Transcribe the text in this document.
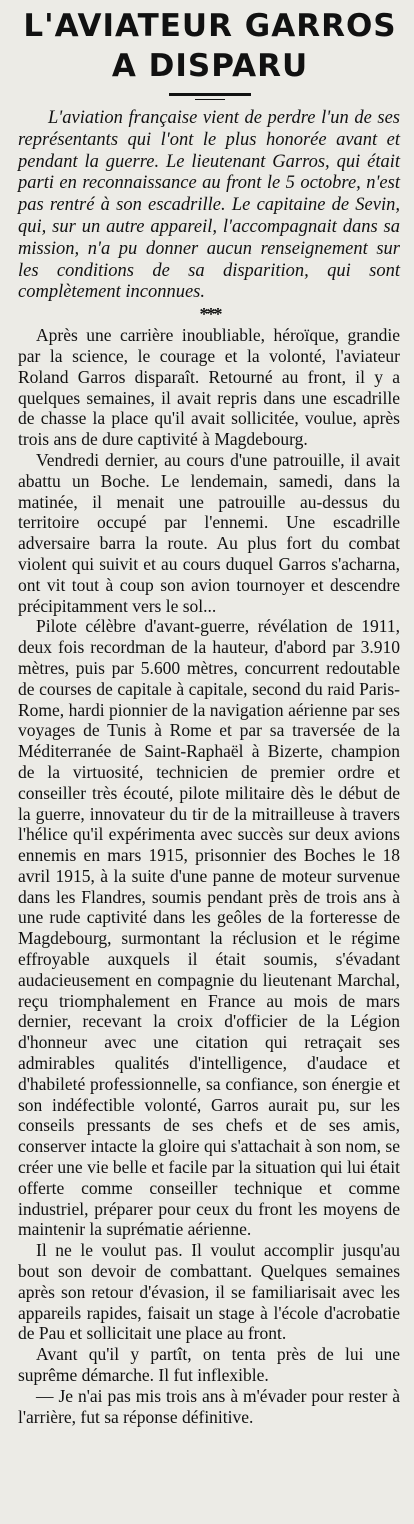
L'AVIATEUR GARROS
A DISPARU

L'aviation française vient de perdre l'un de ses représentants qui l'ont le plus honorée avant et pendant la guerre. Le lieutenant Garros, qui était parti en reconnaissance au front le 5 octobre, n'est pas rentré à son escadrille. Le capitaine de Sevin, qui, sur un autre appareil, l'accompagnait dans sa mission, n'a pu donner aucun renseignement sur les conditions de sa disparition, qui sont complètement inconnues.

***

Après une carrière inoubliable, héroïque, grandie par la science, le courage et la volonté, l'aviateur Roland Garros disparaît. Retourné au front, il y a quelques semaines, il avait repris dans une escadrille de chasse la place qu'il avait sollicitée, voulue, après trois ans de dure captivité à Magdebourg.

Vendredi dernier, au cours d'une patrouille, il avait abattu un Boche. Le lendemain, samedi, dans la matinée, il menait une patrouille au-dessus du territoire occupé par l'ennemi. Une escadrille adversaire barra la route. Au plus fort du combat violent qui suivit et au cours duquel Garros s'acharna, ont vit tout à coup son avion tournoyer et descendre précipitamment vers le sol...

Pilote célèbre d'avant-guerre, révélation de 1911, deux fois recordman de la hauteur, d'abord par 3.910 mètres, puis par 5.600 mètres, concurrent redoutable de courses de capitale à capitale, second du raid Paris-Rome, hardi pionnier de la navigation aérienne par ses voyages de Tunis à Rome et par sa traversée de la Méditerranée de Saint-Raphaël à Bizerte, champion de la virtuosité, technicien de premier ordre et conseiller très écouté, pilote militaire dès le début de la guerre, innovateur du tir de la mitrailleuse à travers l'hélice qu'il expérimenta avec succès sur deux avions ennemis en mars 1915, prisonnier des Boches le 18 avril 1915, à la suite d'une panne de moteur survenue dans les Flandres, soumis pendant près de trois ans à une rude captivité dans les geôles de la forteresse de Magdebourg, surmontant la réclusion et le régime effroyable auxquels il était soumis, s'évadant audacieusement en compagnie du lieutenant Marchal, reçu triomphalement en France au mois de mars dernier, recevant la croix d'officier de la Légion d'honneur avec une citation qui retraçait ses admirables qualités d'intelligence, d'audace et d'habileté professionnelle, sa confiance, son énergie et son indéfectible volonté, Garros aurait pu, sur les conseils pressants de ses chefs et de ses amis, conserver intacte la gloire qui s'attachait à son nom, se créer une vie belle et facile par la situation qui lui était offerte comme conseiller technique et comme industriel, préparer pour ceux du front les moyens de maintenir la suprématie aérienne.

Il ne le voulut pas. Il voulut accomplir jusqu'au bout son devoir de combattant. Quelques semaines après son retour d'évasion, il se familiarisait avec les appareils rapides, faisait un stage à l'école d'acrobatie de Pau et sollicitait une place au front.

Avant qu'il y partît, on tenta près de lui une suprême démarche. Il fut inflexible.

— Je n'ai pas mis trois ans à m'évader pour rester à l'arrière, fut sa réponse définitive.
